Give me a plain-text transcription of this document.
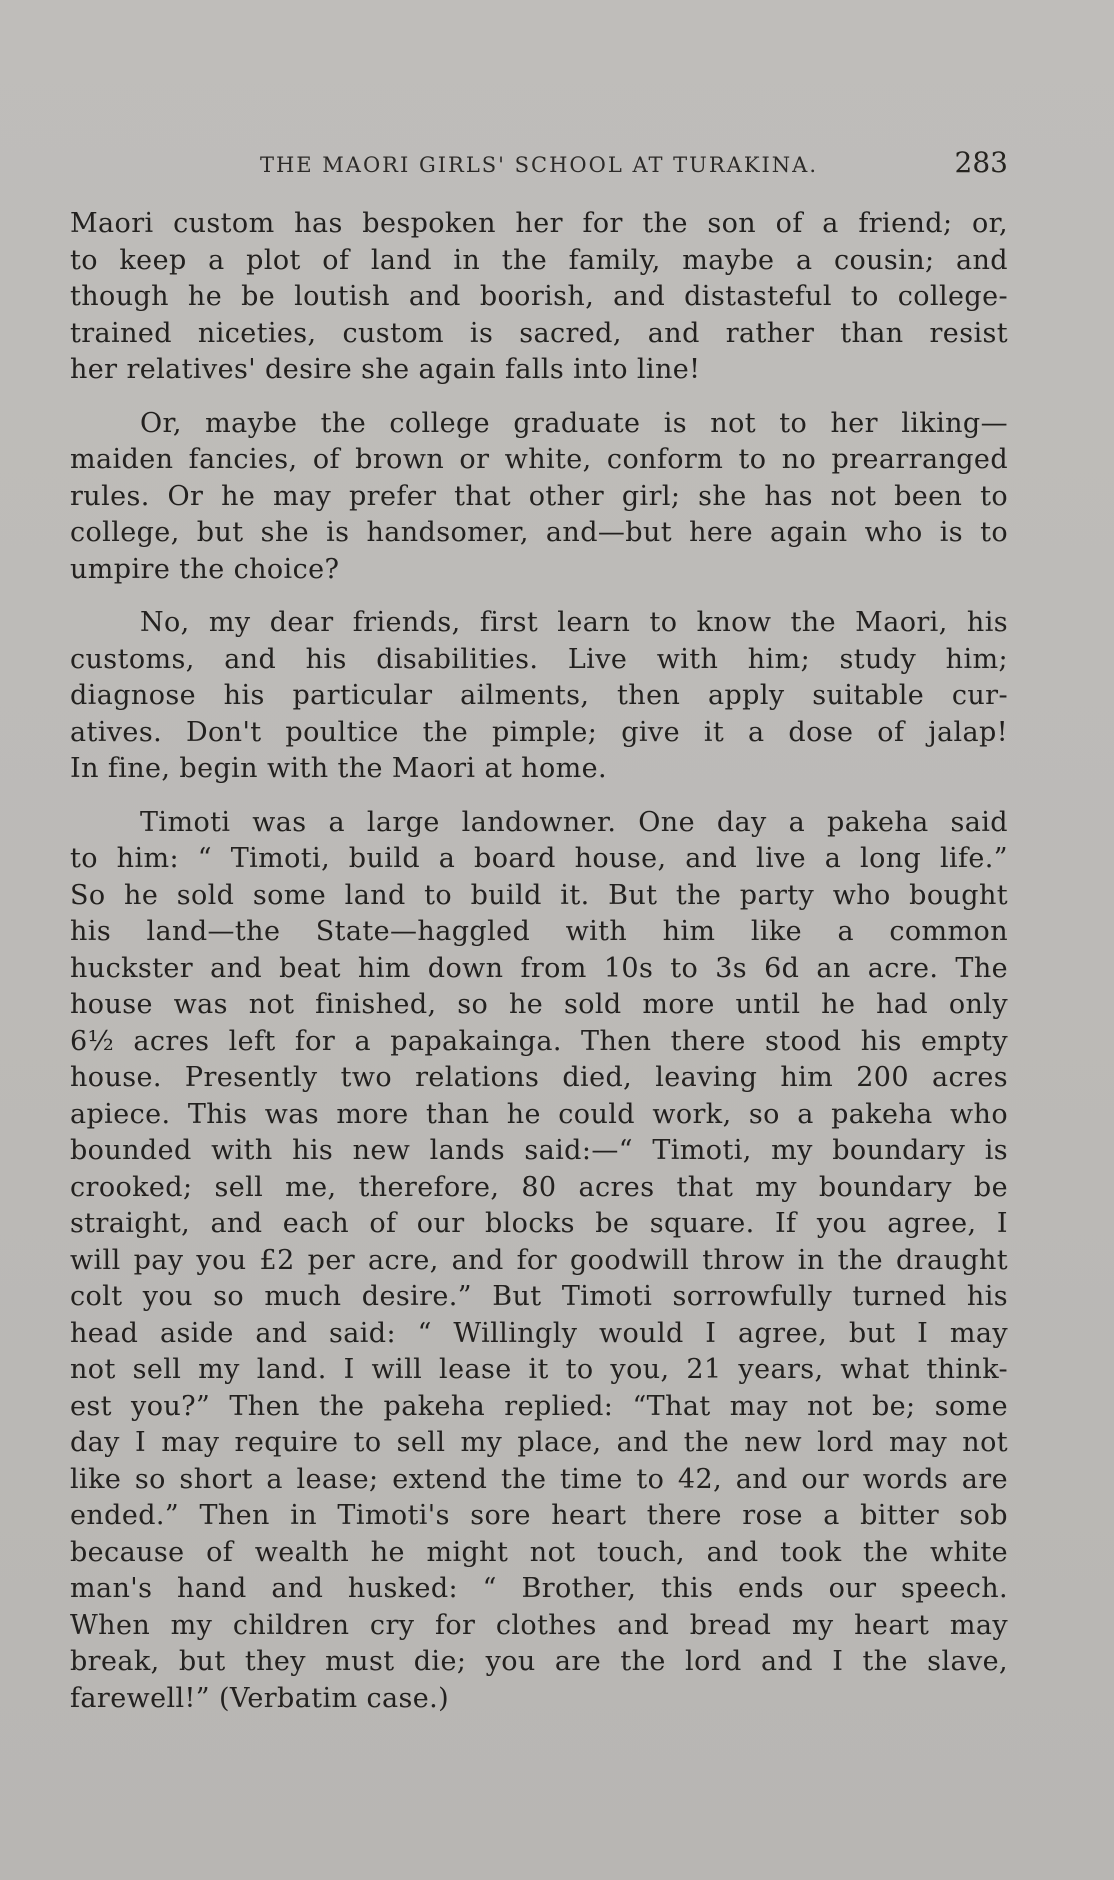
THE MAORI GIRLS' SCHOOL AT TURAKINA.	283

Maori custom has bespoken her for the son of a friend; or,
to keep a plot of land in the family, maybe a cousin; and
though he be loutish and boorish, and distasteful to college-
trained niceties, custom is sacred, and rather than resist
her relatives' desire she again falls into line!

Or, maybe the college graduate is not to her liking—
maiden fancies, of brown or white, conform to no prearranged
rules. Or he may prefer that other girl; she has not been to
college, but she is handsomer, and—but here again who is to
umpire the choice?

No, my dear friends, first learn to know the Maori, his
customs, and his disabilities. Live with him; study him;
diagnose his particular ailments, then apply suitable cur-
atives. Don't poultice the pimple; give it a dose of jalap!
In fine, begin with the Maori at home.

Timoti was a large landowner. One day a pakeha said
to him: “ Timoti, build a board house, and live a long life.”
So he sold some land to build it. But the party who bought
his land—the State—haggled with him like a common
huckster and beat him down from 10s to 3s 6d an acre. The
house was not finished, so he sold more until he had only
6½ acres left for a papakainga. Then there stood his empty
house. Presently two relations died, leaving him 200 acres
apiece. This was more than he could work, so a pakeha who
bounded with his new lands said:—“ Timoti, my boundary is
crooked; sell me, therefore, 80 acres that my boundary be
straight, and each of our blocks be square. If you agree, I
will pay you £2 per acre, and for goodwill throw in the draught
colt you so much desire.” But Timoti sorrowfully turned his
head aside and said: “ Willingly would I agree, but I may
not sell my land. I will lease it to you, 21 years, what think-
est you?” Then the pakeha replied: “That may not be; some
day I may require to sell my place, and the new lord may not
like so short a lease; extend the time to 42, and our words are
ended.” Then in Timoti's sore heart there rose a bitter sob
because of wealth he might not touch, and took the white
man's hand and husked: “ Brother, this ends our speech.
When my children cry for clothes and bread my heart may
break, but they must die; you are the lord and I the slave,
farewell!” (Verbatim case.)
